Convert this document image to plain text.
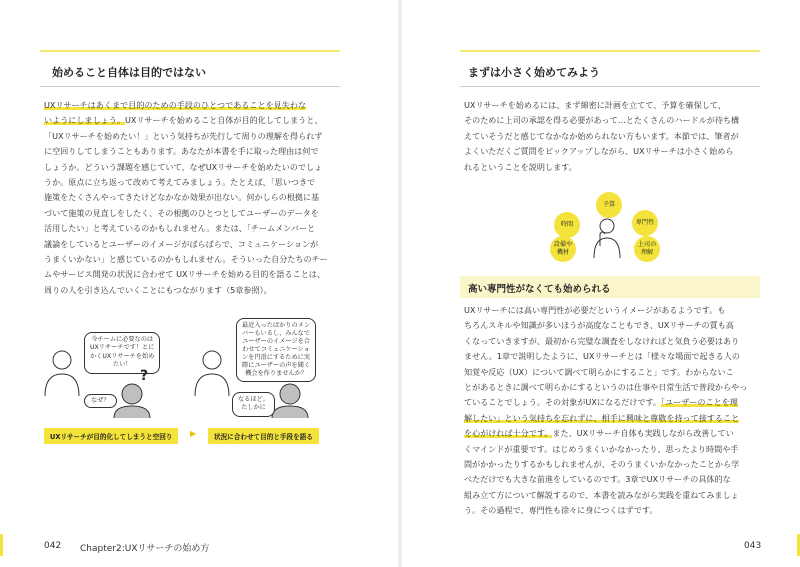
始めること自体は目的ではない
UXリサーチはあくまで目的のための手段のひとつであることを見失わな
いようにしましょう。UXリサーチを始めること自体が目的化してしまうと、
「UXリサーチを始めたい！」という気持ちが先行して周りの理解を得られず
に空回りしてしまうこともあります。あなたが本書を手に取った理由は何で
しょうか。どういう課題を感じていて、なぜUXリサーチを始めたいのでしょ
うか。原点に立ち返って改めて考えてみましょう。たとえば、「思いつきで
施策をたくさんやってきたけどなかなか効果が出ない。何かしらの根拠に基
づいて施策の見直しをしたく、その根拠のひとつとしてユーザーのデータを
活用したい」と考えているのかもしれません。または、「チームメンバーと
議論をしているとユーザーのイメージがばらばらで、コミュニケーションが
うまくいかない」と感じているのかもしれません。そういった自分たちのチー
ムやサービス開発の状況に合わせて UXリサーチを始める目的を語ることは、
周りの人を引き込んでいくことにもつながります（5章参照）。
今チームに必要なのは
UXリサーチです！とに
かくUXリサーチを始め
たい！
なぜ？
?
最近入ったばかりのメン
バーもいるし、みんなで
ユーザーのイメージを合
わせてコミュニケーショ
ンを円滑にするために実
際にユーザーの声を聞く
機会を作りませんか？
なるほど。
たしかに
UXリサーチが目的化してしまうと空回り	▶	状況に合わせて目的と手段を語る
042 Chapter2:UXリサーチの始め方
まずは小さく始めてみよう
UXリサーチを始めるには、まず綿密に計画を立てて、予算を確保して、
そのために上司の承認を得る必要があって…とたくさんのハードルが待ち構
えていそうだと感じてなかなか始められない方もいます。本節では、筆者が
よくいただくご質問をピックアップしながら、UXリサーチは小さく始めら
れるということを説明します。
時間
予算
専門性
設備や
機材
上司の
理解
高い専門性がなくても始められる
UXリサーチには高い専門性が必要だというイメージがあるようです。も
ちろんスキルや知識が多いほうが高度なこともでき、UXリサーチの質も高
くなっていきますが、最初から完璧な調査をしなければと気負う必要はあり
ません。1章で説明したように、UXリサーチとは「様々な場面で起きる人の
知覚や反応（UX）について調べて明らかにすること」です。わからないこ
とがあるときに調べて明らかにするというのは仕事や日常生活で普段からやっ
ていることでしょう。その対象がUXになるだけです。「ユーザーのことを理
解したい」という気持ちを忘れずに、相手に興味と尊敬を持って接すること
を心がければ十分です。また、UXリサーチ自体も実践しながら改善してい
くマインドが重要です。はじめうまくいかなかったり、思ったより時間や手
間がかかったりするかもしれませんが、そのうまくいかなかったことから学
べただけでも大きな前進をしているのです。3章でUXリサーチの具体的な
組み立て方について解説するので、本書を読みながら実践を重ねてみましょ
う。その過程で、専門性も徐々に身につくはずです。
043
